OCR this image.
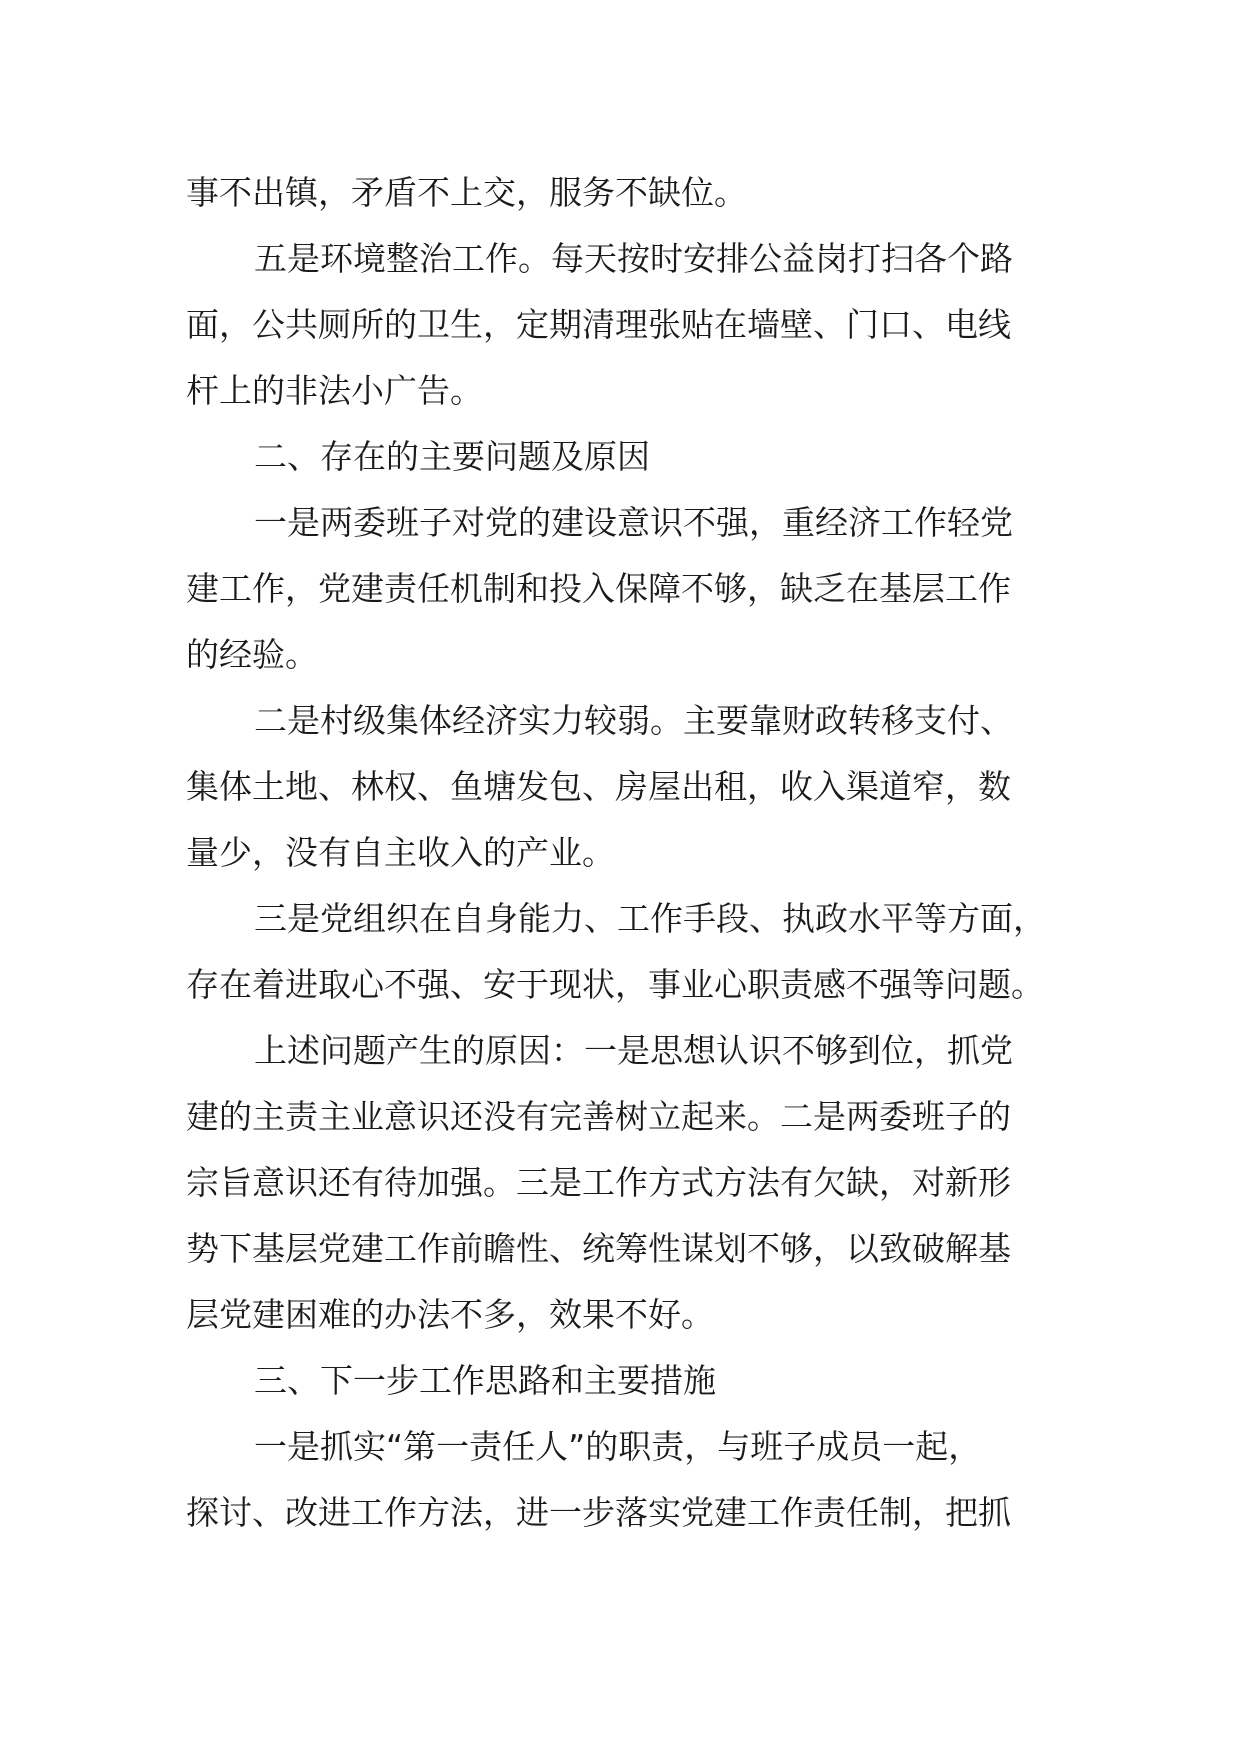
事不出镇，矛盾不上交，服务不缺位。
五是环境整治工作。每天按时安排公益岗打扫各个路
面，公共厕所的卫生，定期清理张贴在墙壁、门口、电线
杆上的非法小广告。
二、存在的主要问题及原因
一是两委班子对党的建设意识不强，重经济工作轻党
建工作，党建责任机制和投入保障不够，缺乏在基层工作
的经验。
二是村级集体经济实力较弱。主要靠财政转移支付、
集体土地、林权、鱼塘发包、房屋出租，收入渠道窄，数
量少，没有自主收入的产业。
三是党组织在自身能力、工作手段、执政水平等方面，
存在着进取心不强、安于现状，事业心职责感不强等问题。
上述问题产生的原因：一是思想认识不够到位，抓党
建的主责主业意识还没有完善树立起来。二是两委班子的
宗旨意识还有待加强。三是工作方式方法有欠缺，对新形
势下基层党建工作前瞻性、统筹性谋划不够，以致破解基
层党建困难的办法不多，效果不好。
三、下一步工作思路和主要措施
一是抓实“第一责任人”的职责，与班子成员一起，
探讨、改进工作方法，进一步落实党建工作责任制，把抓
